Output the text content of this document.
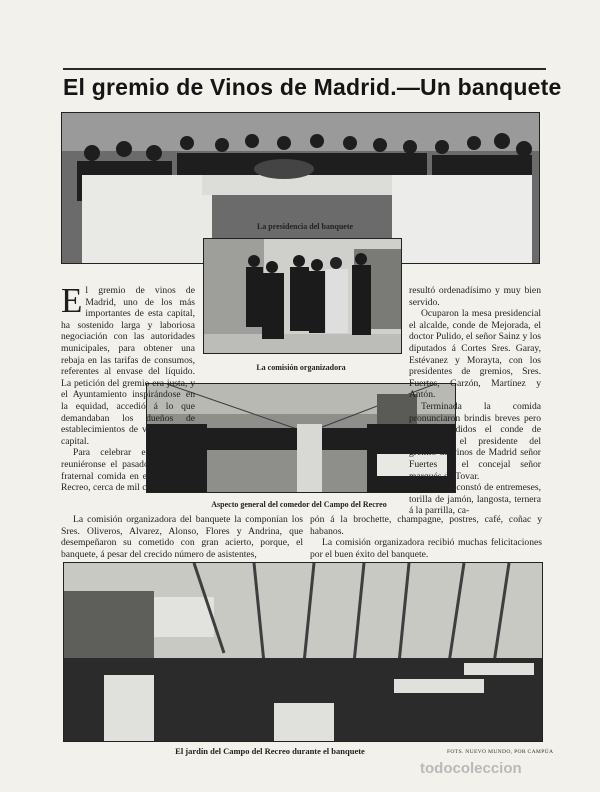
El gremio de Vinos de Madrid.—Un banquete
La presidencia del banquete
La comisión organizadora
Aspecto general del comedor del Campo del Recreo
El jardín del Campo del Recreo durante el banquete	FOTS. NUEVO MUNDO, POR CAMPÚA
El gremio de vinos de Madrid, uno de los más importantes de esta capital, ha sostenido larga y laboriosa negociación con las autoridades municipales, para obtener una rebaja en las tarifas de consumos, referentes al envase del líquido. La petición del gremio era justa, y el Ayuntamiento inspirándose en la equidad, accedió á lo que demandaban los dueños de establecimientos de vinos de esta capital.
Para celebrar este triunfo, reuniéronse el pasado viernes en fraternal comida en el campo del Recreo, cerca de mil comensales.
La comisión organizadora del banquete la componían los Sres. Oliveros, Alvarez, Alonso, Flores y Andrina, que desempeñaron su cometido con gran acierto, porque, el banquete, á pesar del crecido número de asistentes,
pón á la brochette, champagne, postres, café, coñac y habanos.
La comisión organizadora recibió muchas felicitaciones por el buen éxito del banquete.
resultó ordenadísimo y muy bien servido.
Ocuparon la mesa presidencial el alcalde, conde de Mejorada, el doctor Pulido, el señor Sainz y los diputados á Cortes Sres. Garay, Estévanez y Morayta, con los presidentes de gremios, Sres. Fuertes, Garzón, Martínez y Antón.
Terminada la comida pronunciaron brindis breves pero muy aplaudidos el conde de Mejorada, el presidente del gremio de vinos de Madrid señor Fuertes y el concejal señor marqués de Tovar.
El menú constó de entremeses, torilla de jamón, langosta, ternera á la parrilla, ca-
todocoleccion
